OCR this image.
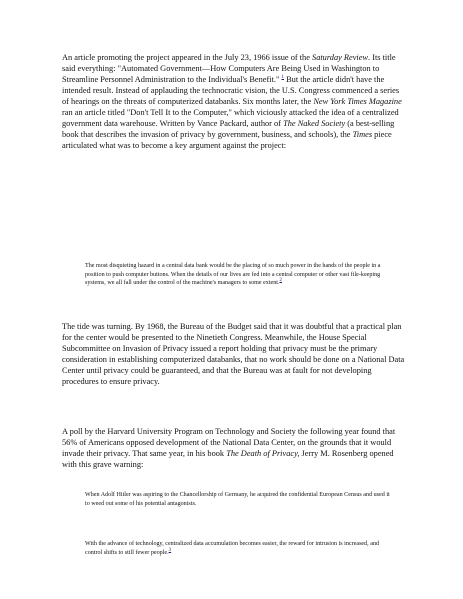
An article promoting the project appeared in the July 23, 1966 issue of the Saturday Review. Its title said everything: "Automated Government—How Computers Are Being Used in Washington to Streamline Personnel Administration to the Individual's Benefit." $^1$ But the article didn't have the intended result. Instead of applauding the technocratic vision, the U.S. Congress commenced a series of hearings on the threats of computerized databanks. Six months later, the New York Times Magazine ran an article titled "Don't Tell It to the Computer," which viciously attacked the idea of a centralized government data warehouse. Written by Vance Packard, author of The Naked Society (a best-selling book that describes the invasion of privacy by government, business, and schools), the Times piece articulated what was to become a key argument against the project:

The most disquieting hazard in a central data bank would be the placing of so much power in the hands of the people in a position to push computer buttons. When the details of our lives are fed into a central computer or other vast file-keeping systems, we all fall under the control of the machine's managers to some extent.$^2$

The tide was turning. By 1968, the Bureau of the Budget said that it was doubtful that a practical plan for the center would be presented to the Ninetieth Congress. Meanwhile, the House Special Subcommittee on Invasion of Privacy issued a report holding that privacy must be the primary consideration in establishing computerized databanks, that no work should be done on a National Data Center until privacy could be guaranteed, and that the Bureau was at fault for not developing procedures to ensure privacy.

A poll by the Harvard University Program on Technology and Society the following year found that 56% of Americans opposed development of the National Data Center, on the grounds that it would invade their privacy. That same year, in his book The Death of Privacy, Jerry M. Rosenberg opened with this grave warning:

When Adolf Hitler was aspiring to the Chancellorship of Germany, he acquired the confidential European Census and used it to weed out some of his potential antagonists.

With the advance of technology, centralized data accumulation becomes easier, the reward for intrusion is increased, and control shifts to still fewer people.$^3$
